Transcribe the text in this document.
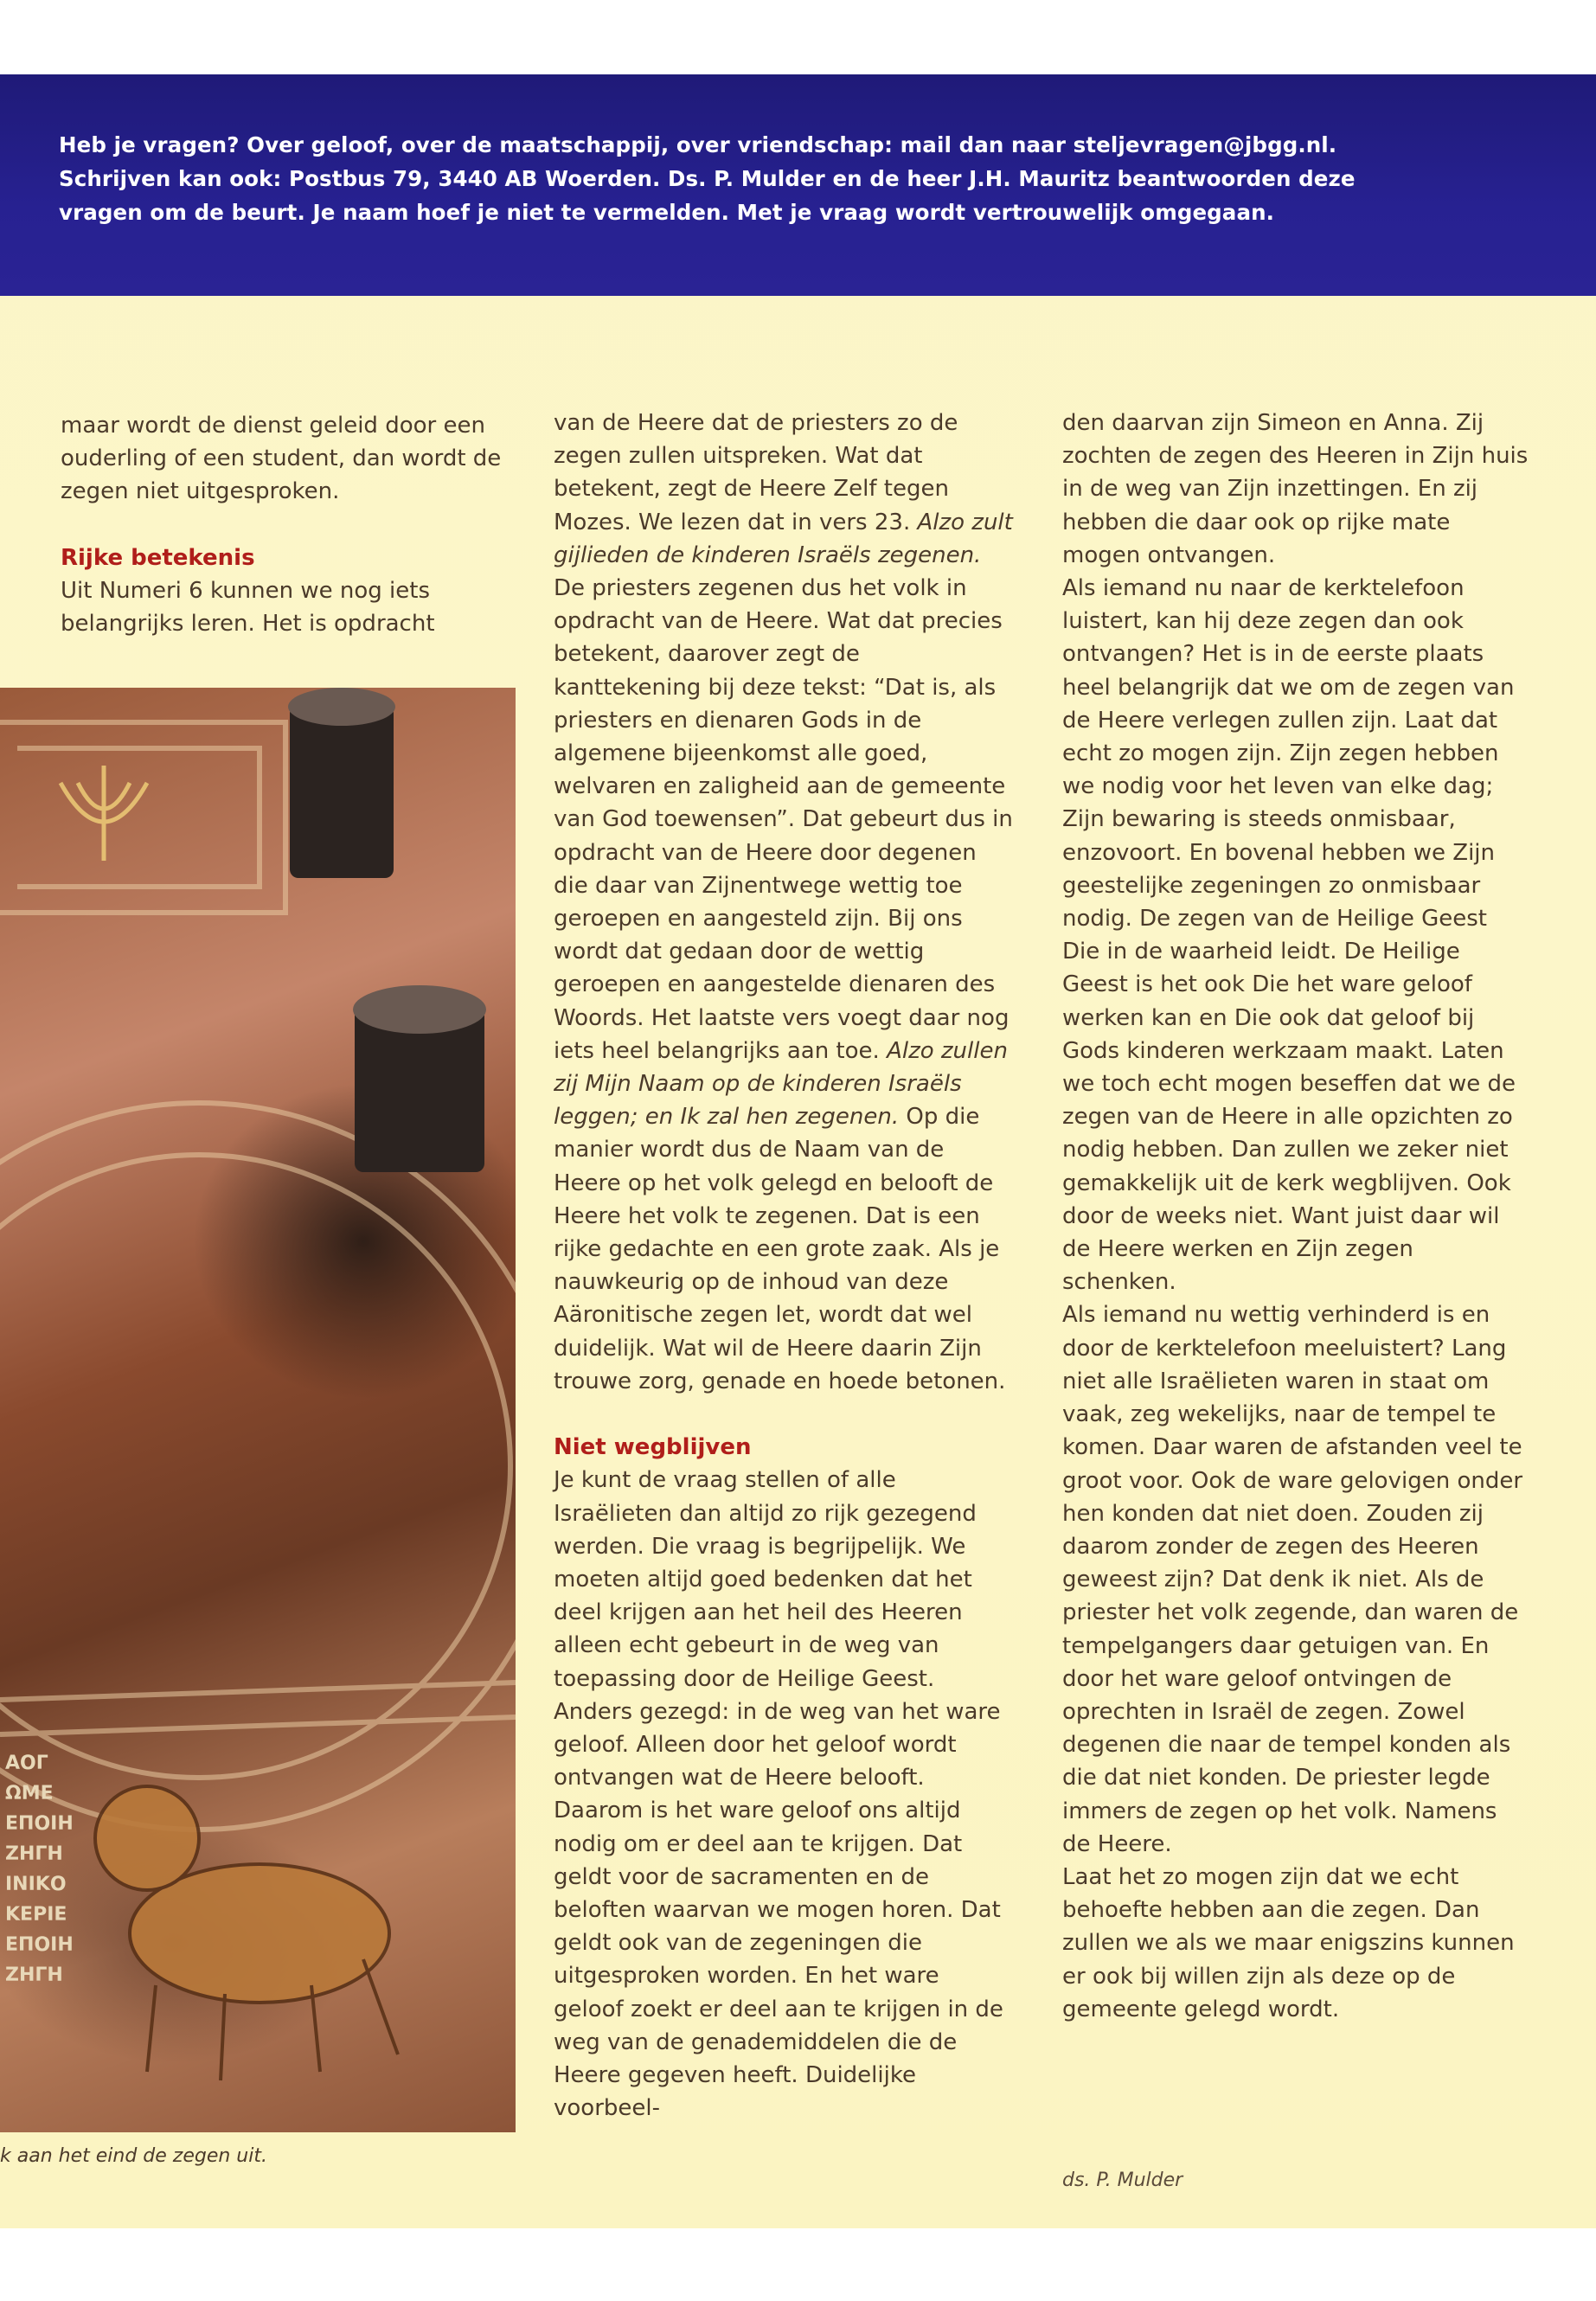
Heb je vragen? Over geloof, over de maatschappij, over vriendschap: mail dan naar steljevragen@jbgg.nl.

Schrijven kan ook: Postbus 79, 3440 AB Woerden. Ds. P. Mulder en de heer J.H. Mauritz beantwoorden deze

vragen om de beurt. Je naam hoef je niet te vermelden. Met je vraag wordt vertrouwelijk omgegaan.

maar wordt de dienst geleid door een ouderling of een student, dan wordt de zegen niet uitgesproken.

Rijke betekenis

Uit Numeri 6 kunnen we nog iets belangrijks leren. Het is opdracht

ΑΟΓ
ΩΜΕ
ΕΠΟΙΗ
ΖΗΓΗ
ΙΝΙΚΟ
ΚΕΡΙΕ
ΕΠΟΙΗ
ΖΗΓΗ

van de Heere dat de priesters zo de zegen zullen uitspreken. Wat dat betekent, zegt de Heere Zelf tegen Mozes. We lezen dat in vers 23. Alzo zult gijlieden de kinderen Israëls zegenen. De priesters zegenen dus het volk in opdracht van de Heere. Wat dat precies betekent, daarover zegt de kanttekening bij deze tekst: “Dat is, als priesters en dienaren Gods in de algemene bijeenkomst alle goed, welvaren en zaligheid aan de gemeente van God toewensen”. Dat gebeurt dus in opdracht van de Heere door degenen die daar van Zijnentwege wettig toe geroepen en aangesteld zijn. Bij ons wordt dat gedaan door de wettig geroepen en aangestelde dienaren des Woords. Het laatste vers voegt daar nog iets heel belangrijks aan toe. Alzo zullen zij Mijn Naam op de kinderen Israëls leggen; en Ik zal hen zegenen. Op die manier wordt dus de Naam van de Heere op het volk gelegd en belooft de Heere het volk te zegenen. Dat is een rijke gedachte en een grote zaak. Als je nauwkeurig op de inhoud van deze Aäronitische zegen let, wordt dat wel duidelijk. Wat wil de Heere daarin Zijn trouwe zorg, genade en hoede betonen.

Niet wegblijven

Je kunt de vraag stellen of alle Israëlieten dan altijd zo rijk gezegend werden. Die vraag is begrijpelijk. We moeten altijd goed bedenken dat het deel krijgen aan het heil des Heeren alleen echt gebeurt in de weg van toepassing door de Heilige Geest. Anders gezegd: in de weg van het ware geloof. Alleen door het geloof wordt ontvangen wat de Heere belooft. Daarom is het ware geloof ons altijd nodig om er deel aan te krijgen. Dat geldt voor de sacramenten en de beloften waarvan we mogen horen. Dat geldt ook van de zegeningen die uitgesproken worden. En het ware geloof zoekt er deel aan te krijgen in de weg van de genademiddelen die de Heere gegeven heeft. Duidelijke voorbeel-

den daarvan zijn Simeon en Anna. Zij zochten de zegen des Heeren in Zijn huis in de weg van Zijn inzettingen. En zij hebben die daar ook op rijke mate mogen ontvangen.

Als iemand nu naar de kerktelefoon luistert, kan hij deze zegen dan ook ontvangen? Het is in de eerste plaats heel belangrijk dat we om de zegen van de Heere verlegen zullen zijn. Laat dat echt zo mogen zijn. Zijn zegen hebben we nodig voor het leven van elke dag; Zijn bewaring is steeds onmisbaar, enzovoort. En bovenal hebben we Zijn geestelijke zegeningen zo onmisbaar nodig. De zegen van de Heilige Geest Die in de waarheid leidt. De Heilige Geest is het ook Die het ware geloof werken kan en Die ook dat geloof bij Gods kinderen werkzaam maakt. Laten we toch echt mogen beseffen dat we de zegen van de Heere in alle opzichten zo nodig hebben. Dan zullen we zeker niet gemakkelijk uit de kerk wegblijven. Ook door de weeks niet. Want juist daar wil de Heere werken en Zijn zegen schenken.

Als iemand nu wettig verhinderd is en door de kerktelefoon meeluistert? Lang niet alle Israëlieten waren in staat om vaak, zeg wekelijks, naar de tempel te komen. Daar waren de afstanden veel te groot voor. Ook de ware gelovigen onder hen konden dat niet doen. Zouden zij daarom zonder de zegen des Heeren geweest zijn? Dat denk ik niet. Als de priester het volk zegende, dan waren de tempelgangers daar getuigen van. En door het ware geloof ontvingen de oprechten in Israël de zegen. Zowel degenen die naar de tempel konden als die dat niet konden. De priester legde immers de zegen op het volk. Namens de Heere.

Laat het zo mogen zijn dat we echt behoefte hebben aan die zegen. Dan zullen we als we maar enigszins kunnen er ook bij willen zijn als deze op de gemeente gelegd wordt.

k aan het eind de zegen uit.
ds. P. Mulder
